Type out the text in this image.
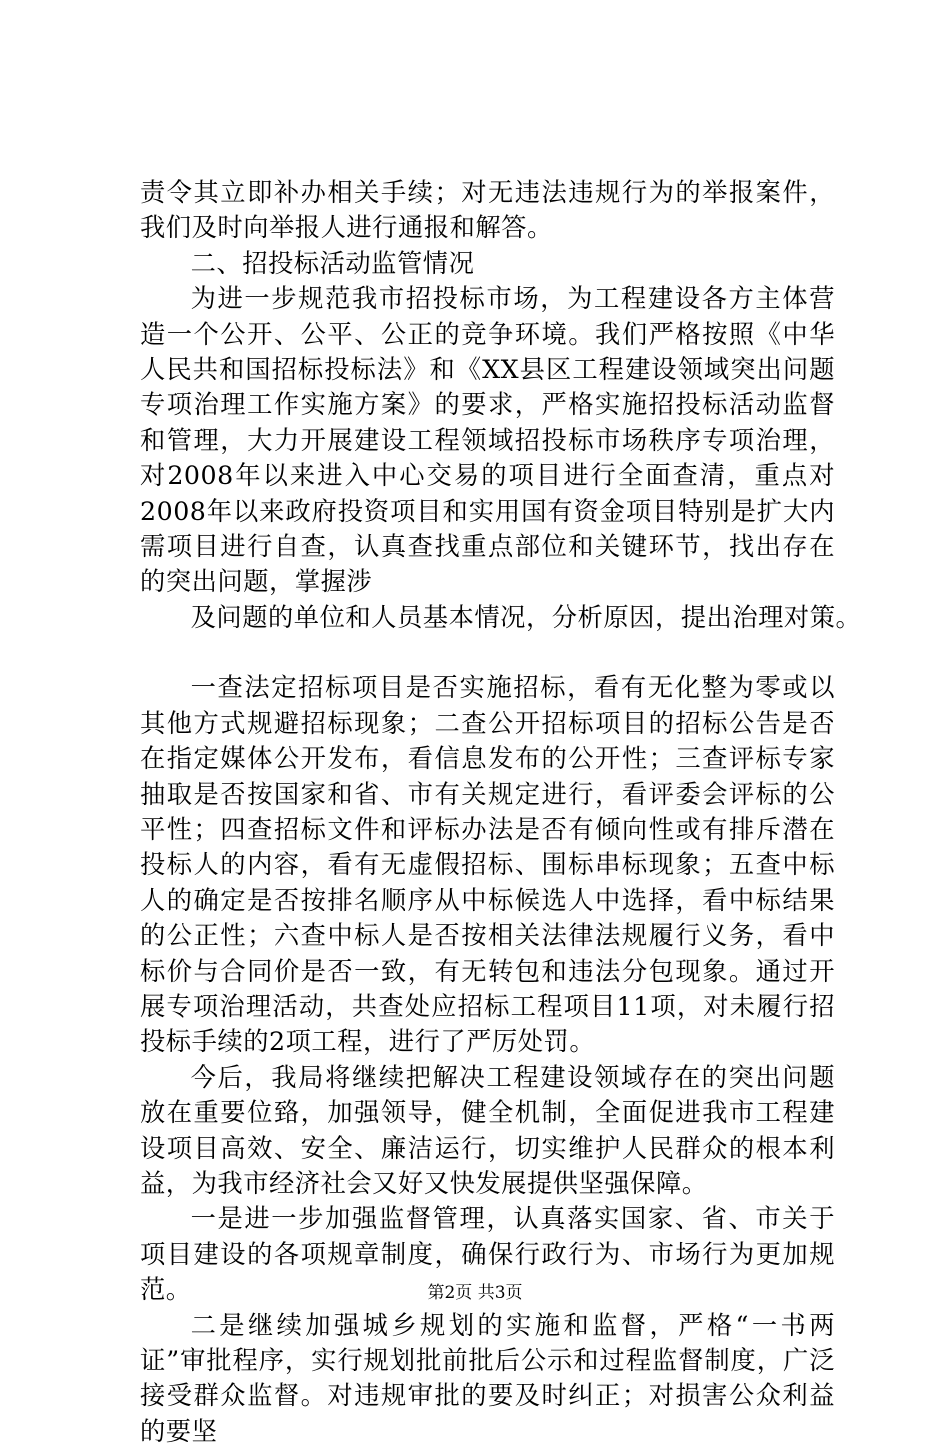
责令其立即补办相关手续；对无违法违规行为的举报案件，我们及时向举报人进行通报和解答。

二、招投标活动监管情况

为进一步规范我市招投标市场，为工程建设各方主体营造一个公开、公平、公正的竞争环境。我们严格按照《中华人民共和国招标投标法》和《XX县区工程建设领域突出问题专项治理工作实施方案》的要求，严格实施招投标活动监督和管理，大力开展建设工程领域招投标市场秩序专项治理，对2008年以来进入中心交易的项目进行全面查清，重点对2008年以来政府投资项目和实用国有资金项目特别是扩大内需项目进行自查，认真查找重点部位和关键环节，找出存在的突出问题，掌握涉

及问题的单位和人员基本情况，分析原因，提出治理对策。

一查法定招标项目是否实施招标，看有无化整为零或以其他方式规避招标现象；二查公开招标项目的招标公告是否在指定媒体公开发布，看信息发布的公开性；三查评标专家抽取是否按国家和省、市有关规定进行，看评委会评标的公平性；四查招标文件和评标办法是否有倾向性或有排斥潜在投标人的内容，看有无虚假招标、围标串标现象；五查中标人的确定是否按排名顺序从中标候选人中选择，看中标结果的公正性；六查中标人是否按相关法律法规履行义务，看中标价与合同价是否一致，有无转包和违法分包现象。通过开展专项治理活动，共查处应招标工程项目11项，对未履行招投标手续的2项工程，进行了严厉处罚。

今后，我局将继续把解决工程建设领域存在的突出问题放在重要位臵，加强领导，健全机制，全面促进我市工程建设项目高效、安全、廉洁运行，切实维护人民群众的根本利益，为我市经济社会又好又快发展提供坚强保障。

一是进一步加强监督管理，认真落实国家、省、市关于项目建设的各项规章制度，确保行政行为、市场行为更加规范。

二是继续加强城乡规划的实施和监督，严格“一书两证”审批程序，实行规划批前批后公示和过程监督制度，广泛接受群众监督。对违规审批的要及时纠正；对损害公众利益的要坚

第2页 共3页
